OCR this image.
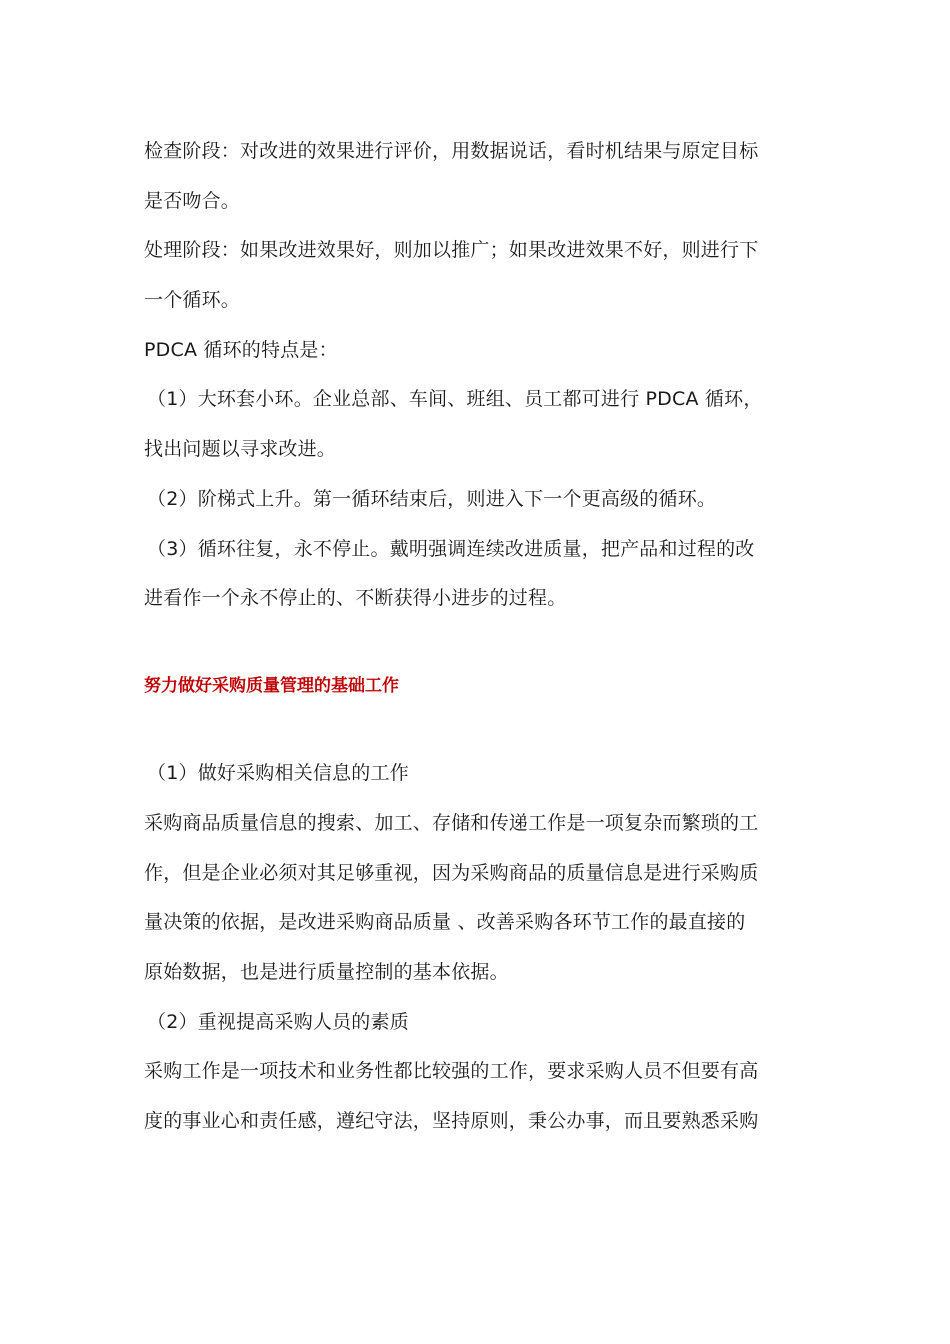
检查阶段：对改进的效果进行评价，用数据说话，看时机结果与原定目标
是否吻合。
处理阶段：如果改进效果好，则加以推广；如果改进效果不好，则进行下
一个循环。
PDCA 循环的特点是：
（1）大环套小环。企业总部、车间、班组、员工都可进行 PDCA 循环，
找出问题以寻求改进。
（2）阶梯式上升。第一循环结束后，则进入下一个更高级的循环。
（3）循环往复，永不停止。戴明强调连续改进质量，把产品和过程的改
进看作一个永不停止的、不断获得小进步的过程。
努力做好采购质量管理的基础工作
（1）做好采购相关信息的工作
采购商品质量信息的搜索、加工、存储和传递工作是一项复杂而繁琐的工
作，但是企业必须对其足够重视，因为采购商品的质量信息是进行采购质
量决策的依据，是改进采购商品质量 、改善采购各环节工作的最直接的
原始数据，也是进行质量控制的基本依据。
（2）重视提高采购人员的素质
采购工作是一项技术和业务性都比较强的工作，要求采购人员不但要有高
度的事业心和责任感，遵纪守法，坚持原则，秉公办事，而且要熟悉采购
